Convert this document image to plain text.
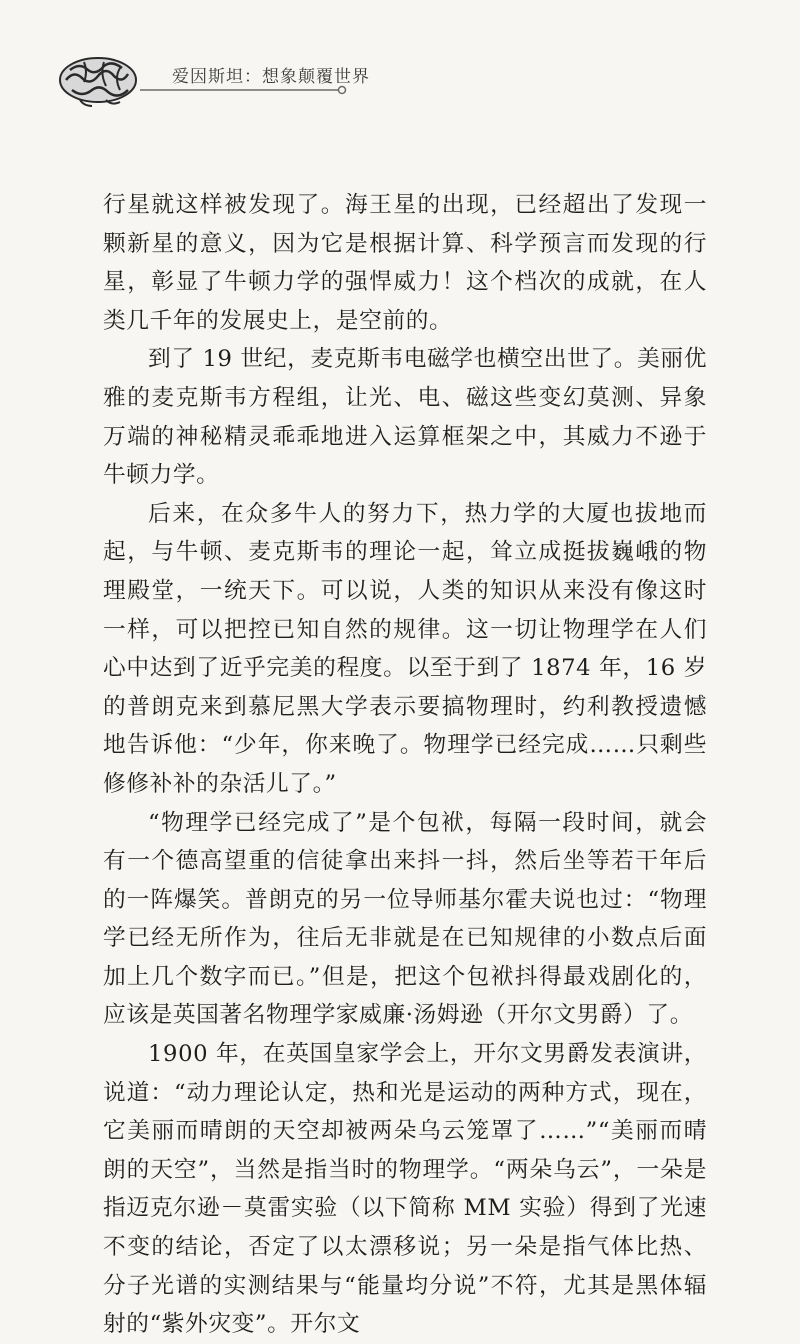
爱因斯坦：想象颠覆世界

行星就这样被发现了。海王星的出现，已经超出了发现一颗新星的意义，因为它是根据计算、科学预言而发现的行星，彰显了牛顿力学的强悍威力！这个档次的成就，在人类几千年的发展史上，是空前的。

到了 19 世纪，麦克斯韦电磁学也横空出世了。美丽优雅的麦克斯韦方程组，让光、电、磁这些变幻莫测、异象万端的神秘精灵乖乖地进入运算框架之中，其威力不逊于牛顿力学。

后来，在众多牛人的努力下，热力学的大厦也拔地而起，与牛顿、麦克斯韦的理论一起，耸立成挺拔巍峨的物理殿堂，一统天下。可以说，人类的知识从来没有像这时一样，可以把控已知自然的规律。这一切让物理学在人们心中达到了近乎完美的程度。以至于到了 1874 年，16 岁的普朗克来到慕尼黑大学表示要搞物理时，约利教授遗憾地告诉他：“少年，你来晚了。物理学已经完成……只剩些修修补补的杂活儿了。”

“物理学已经完成了”是个包袱，每隔一段时间，就会有一个德高望重的信徒拿出来抖一抖，然后坐等若干年后的一阵爆笑。普朗克的另一位导师基尔霍夫说也过：“物理学已经无所作为，往后无非就是在已知规律的小数点后面加上几个数字而已。”但是，把这个包袱抖得最戏剧化的，应该是英国著名物理学家威廉·汤姆逊（开尔文男爵）了。

1900 年，在英国皇家学会上，开尔文男爵发表演讲，说道：“动力理论认定，热和光是运动的两种方式，现在，它美丽而晴朗的天空却被两朵乌云笼罩了……”“美丽而晴朗的天空”，当然是指当时的物理学。“两朵乌云”，一朵是指迈克尔逊－莫雷实验（以下简称 MM 实验）得到了光速不变的结论，否定了以太漂移说；另一朵是指气体比热、分子光谱的实测结果与“能量均分说”不符，尤其是黑体辐射的“紫外灾变”。开尔文
